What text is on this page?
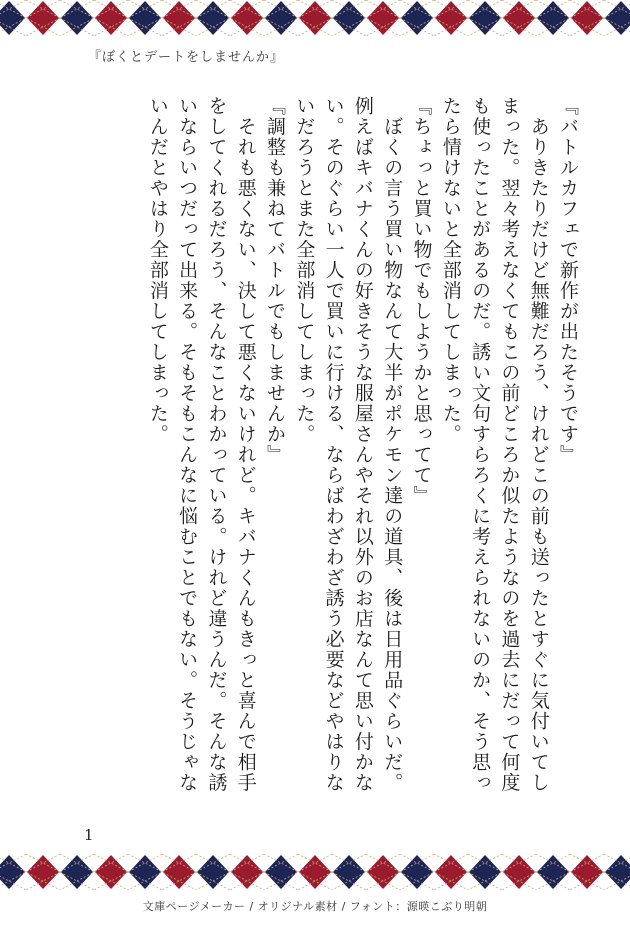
『ぼくとデートをしませんか』

『バトルカフェで新作が出たそうです』

　ありきたりだけど無難だろう、けれどこの前も送ったとすぐに気付いてしまった。翌々考えなくてもこの前どころか似たようなのを過去にだって何度も使ったことがあるのだ。誘い文句すらろくに考えられないのか、そう思ったら情けないと全部消してしまった。

『ちょっと買い物でもしようかと思ってて』

　ぼくの言う買い物なんて大半がポケモン達の道具、後は日用品ぐらいだ。例えばキバナくんの好きそうな服屋さんやそれ以外のお店なんて思い付かない。そのぐらい一人で買いに行ける、ならばわざわざ誘う必要などやはりないだろうとまた全部消してしまった。

『調整も兼ねてバトルでもしませんか』

　それも悪くない、決して悪くないけれど。キバナくんもきっと喜んで相手をしてくれるだろう、そんなことわかっている。けれど違うんだ。そんな誘いならいつだって出来る。そもそもこんなに悩むことでもない。そうじゃないんだとやはり全部消してしまった。

1
文庫ページメーカー / オリジナル素材 / フォント：源暎こぶり明朝
